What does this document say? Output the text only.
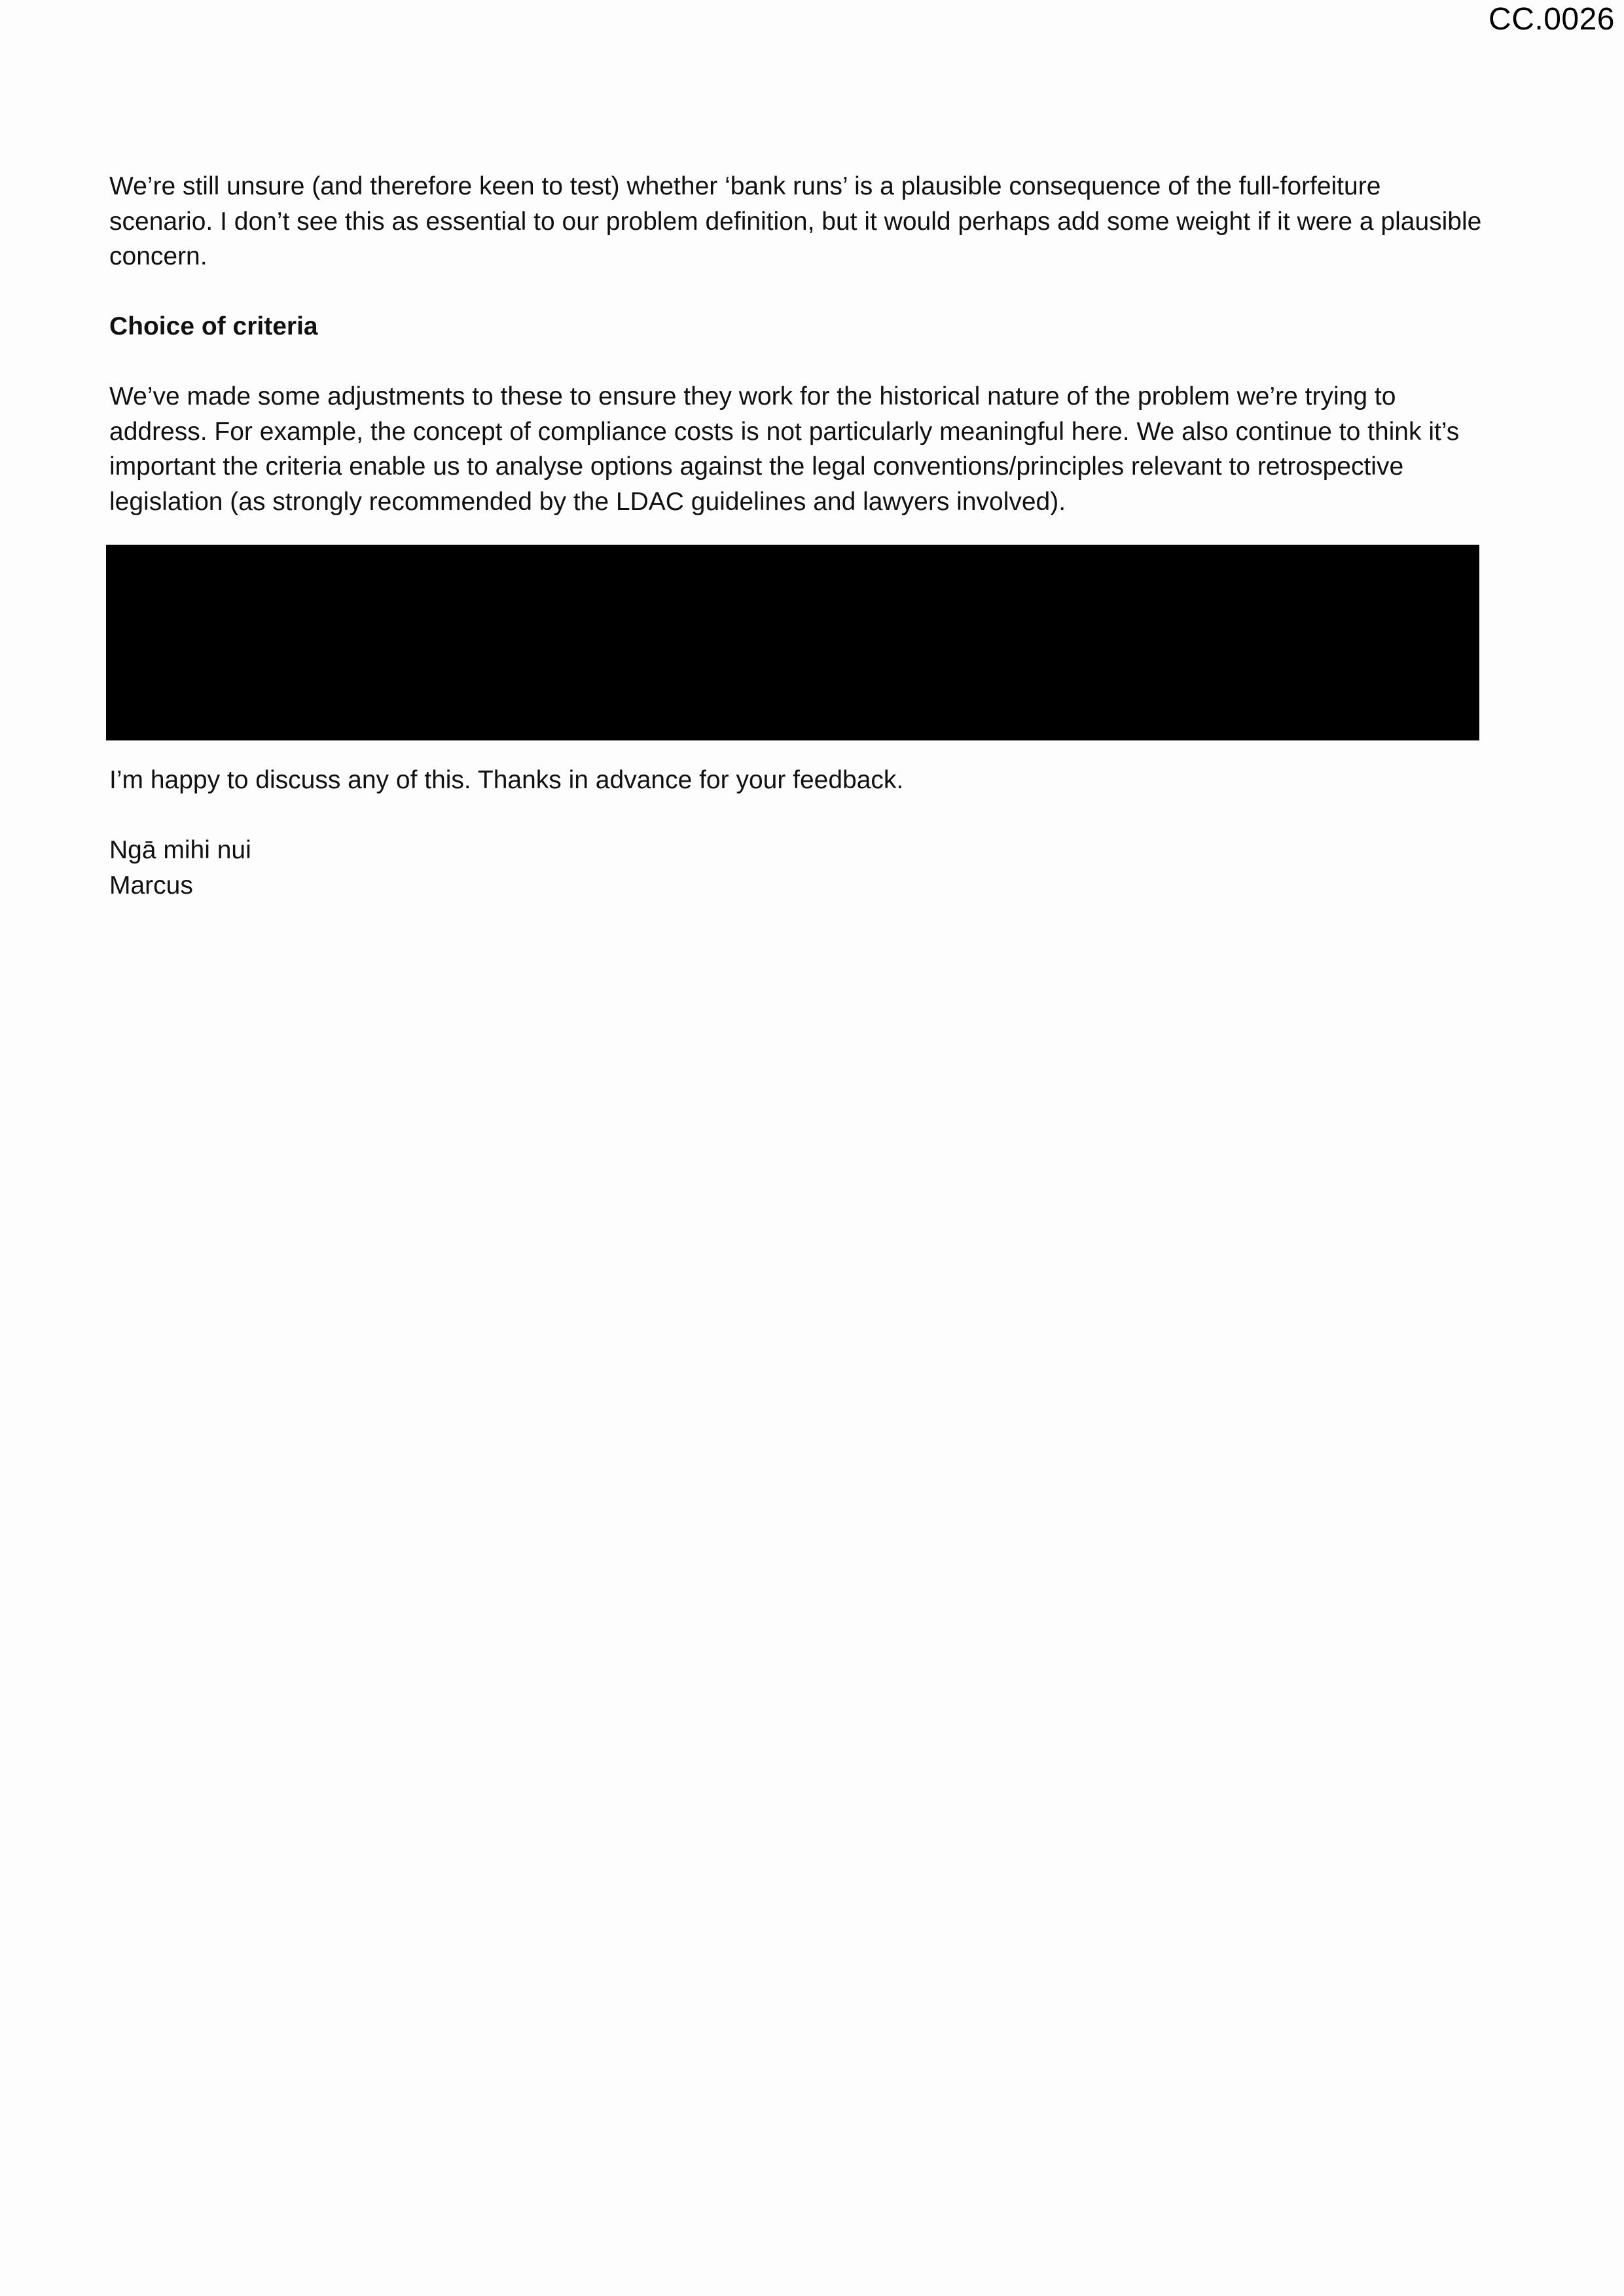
CC.0026

We’re still unsure (and therefore keen to test) whether ‘bank runs’ is a plausible consequence of the full-forfeiture scenario. I don’t see this as essential to our problem definition, but it would perhaps add some weight if it were a plausible concern.

Choice of criteria

We’ve made some adjustments to these to ensure they work for the historical nature of the problem we’re trying to address. For example, the concept of compliance costs is not particularly meaningful here. We also continue to think it’s important the criteria enable us to analyse options against the legal conventions/principles relevant to retrospective legislation (as strongly recommended by the LDAC guidelines and lawyers involved).

I’m happy to discuss any of this. Thanks in advance for your feedback.

Ngā mihi nui
Marcus
